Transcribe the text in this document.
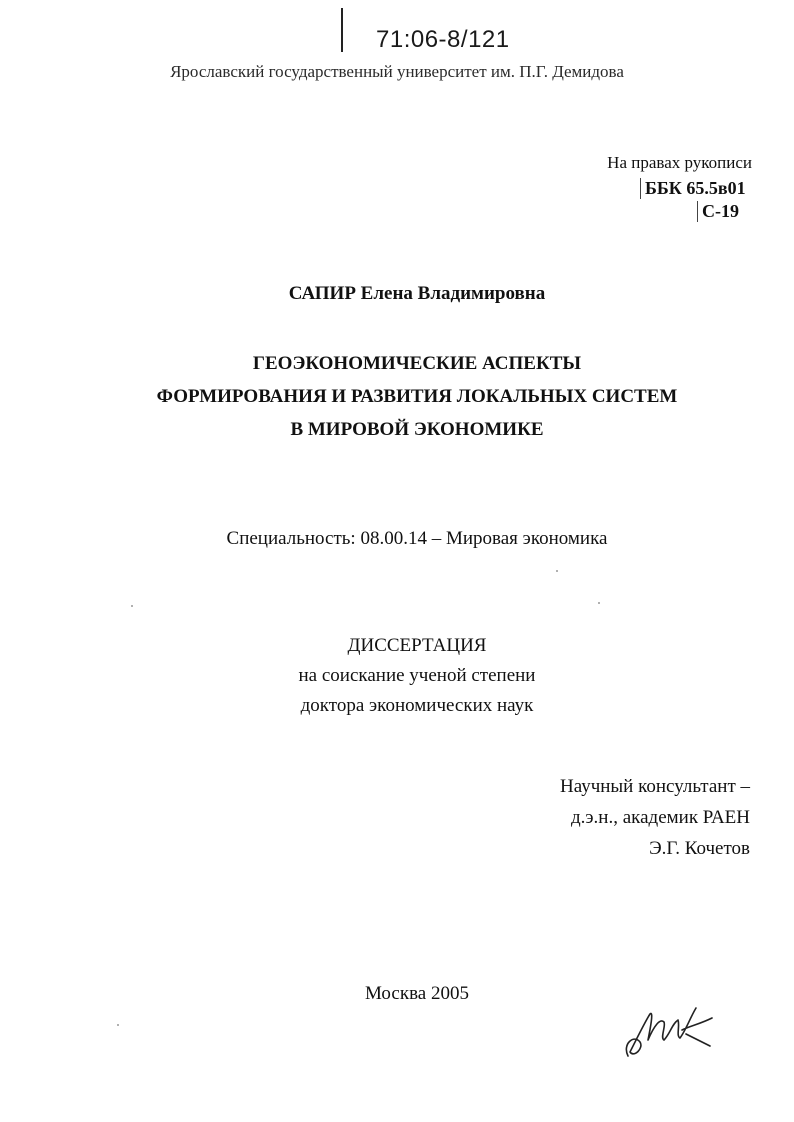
71:06-8/121
Ярославский государственный университет им. П.Г. Демидова
На правах рукописи
ББК 65.5в01
С-19
САПИР Елена Владимировна
ГЕОЭКОНОМИЧЕСКИЕ АСПЕКТЫ
ФОРМИРОВАНИЯ И РАЗВИТИЯ ЛОКАЛЬНЫХ СИСТЕМ
В МИРОВОЙ ЭКОНОМИКЕ
Специальность: 08.00.14 – Мировая экономика
ДИССЕРТАЦИЯ
на соискание ученой степени
доктора экономических наук
Научный консультант –
д.э.н., академик РАЕН
Э.Г. Кочетов
Москва 2005
